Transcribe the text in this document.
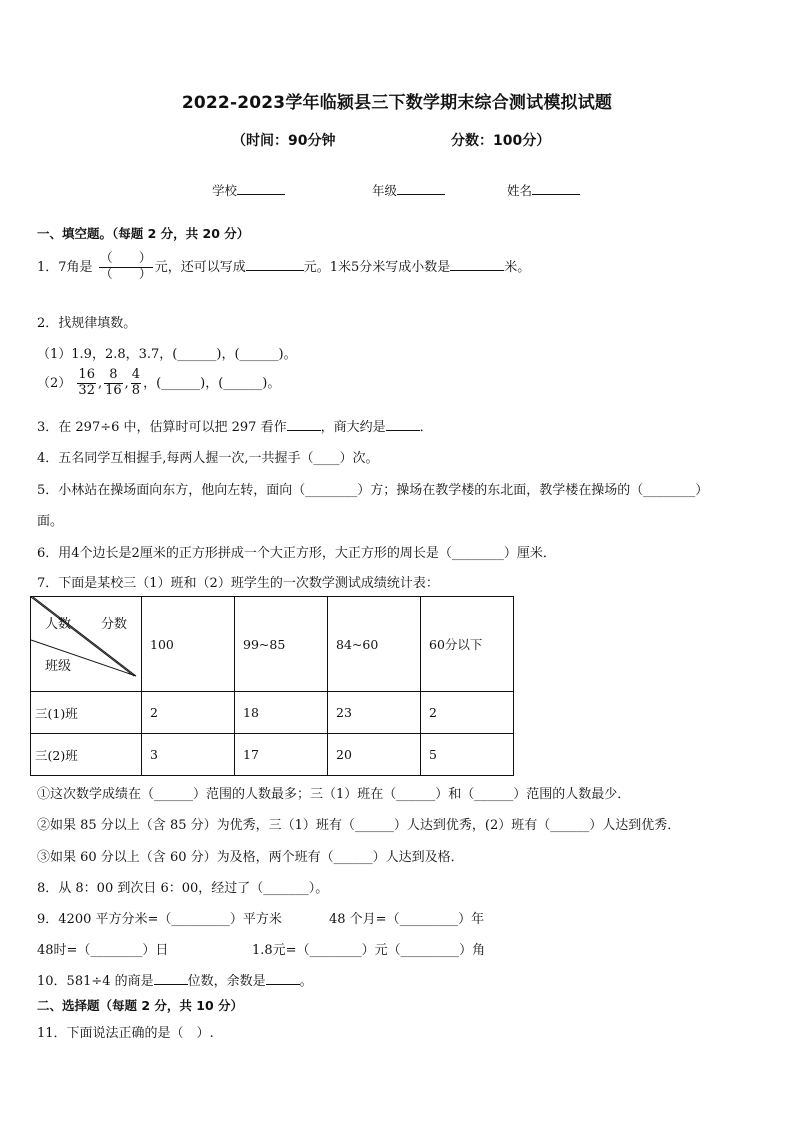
2022-2023学年临颍县三下数学期末综合测试模拟试题
（时间：90分钟	分数：100分）
学校	年级	姓名
一、填空题。（每题 2 分，共 20 分）
1．7角是 $\frac{( )}{( )}$ 元，还可以写成	元。1米5分米写成小数是	米。
2．找规律填数。
（1）1.9，2.8，3.7，(______)，(______)。
$(2) \frac{16}{32}$ , $\frac{8}{16}$ , $\frac{4}{8}$ ，(______)，(______)。
3．在 297÷6 中，估算时可以把 297 看作	，商大约是	．
4．五名同学互相握手,每两人握一次,一共握手（____）次。
5．小林站在操场面向东方，他向左转，面向（________）方；操场在教学楼的东北面，教学楼在操场的（________）
面。
6．用4个边长是2厘米的正方形拼成一个大正方形，大正方形的周长是（________）厘米．
7．下面是某校三（1）班和（2）班学生的一次数学测试成绩统计表：
人数 分数
班级	100	99~85	84~60	60分以下
三(1)班	2	18	23	2
三(2)班	3	17	20	5
①这次数学成绩在（______）范围的人数最多；三（1）班在（______）和（______）范围的人数最少．
②如果 85 分以上（含 85 分）为优秀，三（1）班有（______）人达到优秀，(2）班有（______）人达到优秀．
③如果 60 分以上（含 60 分）为及格，两个班有（______）人达到及格．
8．从 8：00 到次日 6：00，经过了（_______）。
9．4200 平方分米=（_________）平方米	48 个月=（_________）年
48时=（________）日	1.8元=（________）元（_________）角
10．581÷4 的商是	位数，余数是	。
二、选择题（每题 2 分，共 10 分）
11．下面说法正确的是（　）.
